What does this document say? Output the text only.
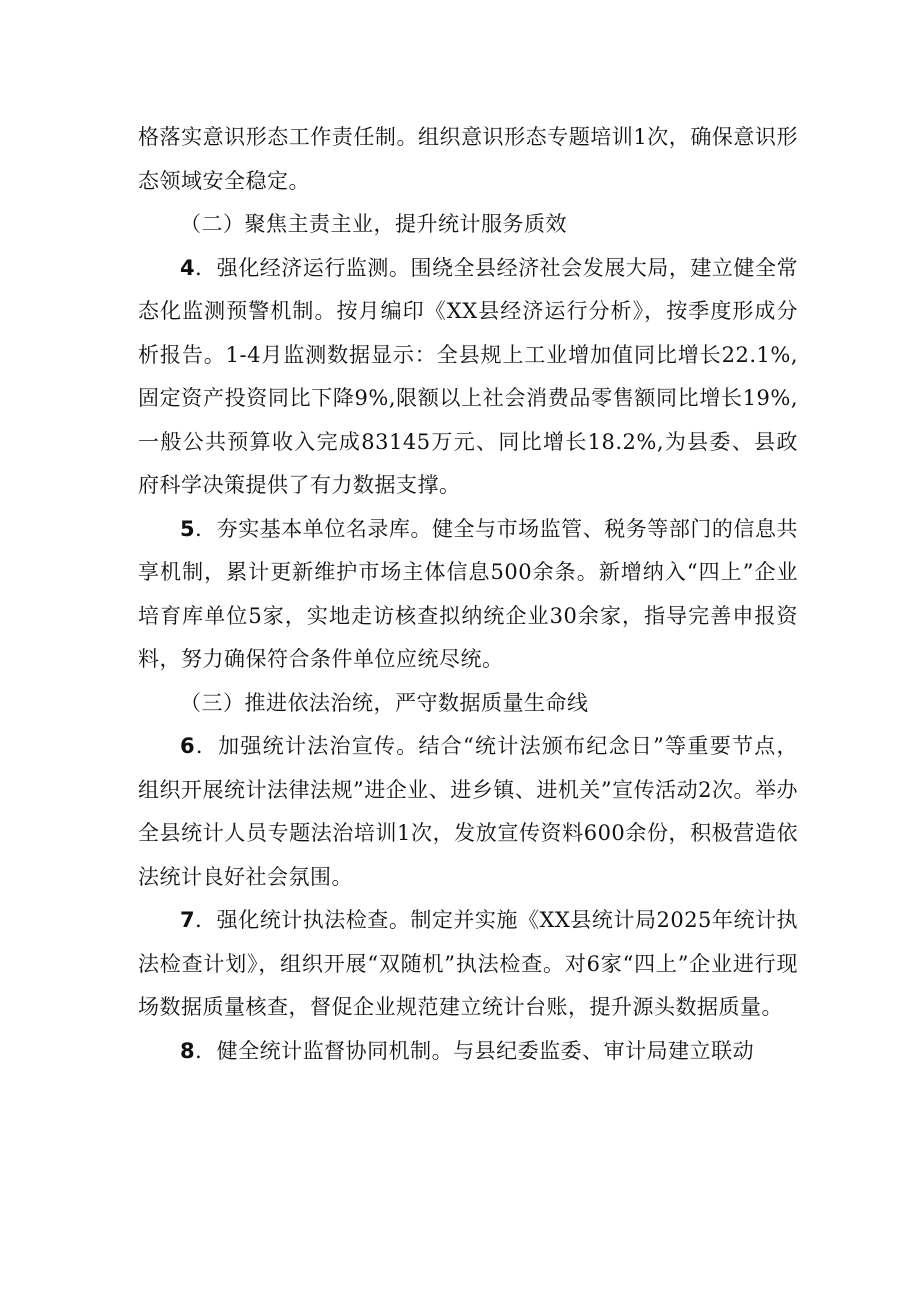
格落实意识形态工作责任制。组织意识形态专题培训1次，确保意识形态领域安全稳定。

（二）聚焦主责主业，提升统计服务质效

4．强化经济运行监测。围绕全县经济社会发展大局，建立健全常态化监测预警机制。按月编印《XX县经济运行分析》，按季度形成分析报告。1-4月监测数据显示：全县规上工业增加值同比增长22.1%,固定资产投资同比下降9%,限额以上社会消费品零售额同比增长19%,一般公共预算收入完成83145万元、同比增长18.2%,为县委、县政府科学决策提供了有力数据支撑。

5．夯实基本单位名录库。健全与市场监管、税务等部门的信息共享机制，累计更新维护市场主体信息500余条。新增纳入“四上”企业培育库单位5家，实地走访核查拟纳统企业30余家，指导完善申报资料，努力确保符合条件单位应统尽统。

（三）推进依法治统，严守数据质量生命线

6．加强统计法治宣传。结合“统计法颁布纪念日”等重要节点，组织开展统计法律法规”进企业、进乡镇、进机关”宣传活动2次。举办全县统计人员专题法治培训1次，发放宣传资料600余份，积极营造依法统计良好社会氛围。

7．强化统计执法检查。制定并实施《XX县统计局2025年统计执法检查计划》，组织开展“双随机”执法检查。对6家“四上”企业进行现场数据质量核查，督促企业规范建立统计台账，提升源头数据质量。

8．健全统计监督协同机制。与县纪委监委、审计局建立联动
